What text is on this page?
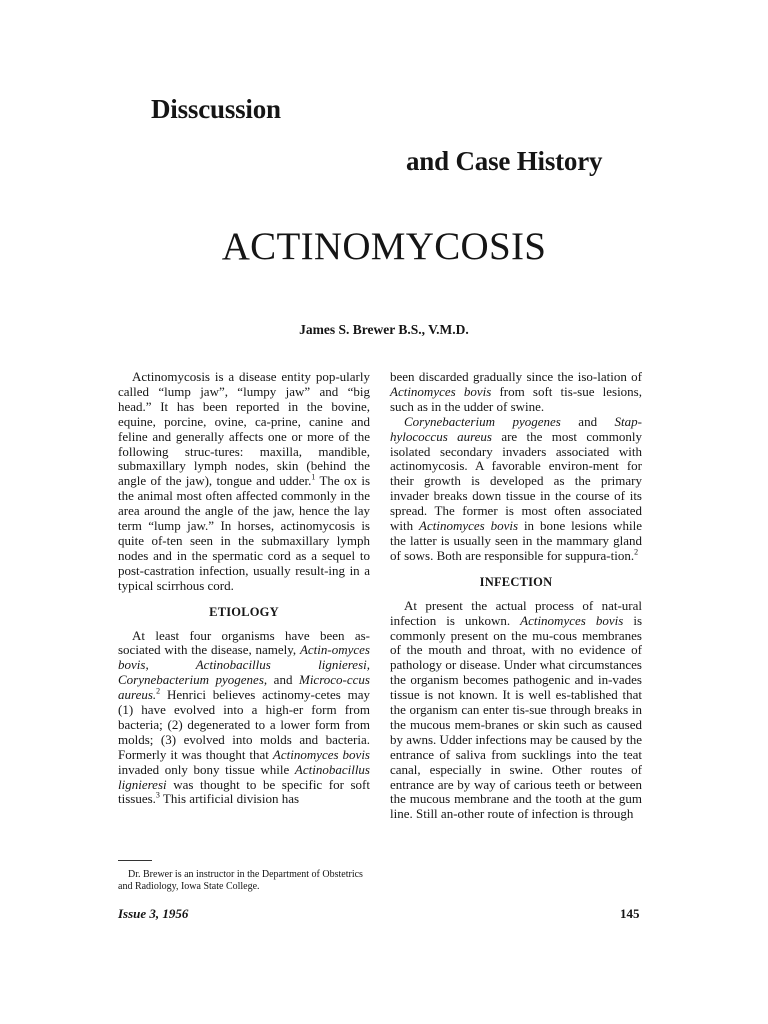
Disscussion
and Case History
ACTINOMYCOSIS
James S. Brewer B.S., V.M.D.

Actinomycosis is a disease entity pop-ularly called “lump jaw”, “lumpy jaw” and “big head.” It has been reported in the bovine, equine, porcine, ovine, ca-prine, canine and feline and generally affects one or more of the following struc-tures: maxilla, mandible, submaxillary lymph nodes, skin (behind the angle of the jaw), tongue and udder.$^1$ The ox is the animal most often affected commonly in the area around the angle of the jaw, hence the lay term “lump jaw.” In horses, actinomycosis is quite of-ten seen in the submaxillary lymph nodes and in the spermatic cord as a sequel to post-castration infection, usually result-ing in a typical scirrhous cord.

ETIOLOGY

At least four organisms have been as-sociated with the disease, namely, Actin-omyces bovis, Actinobacillus lignieresi, Corynebacterium pyogenes, and Microco-ccus aureus.$^2$ Henrici believes actinomy-cetes may (1) have evolved into a high-er form from bacteria; (2) degenerated to a lower form from molds; (3) evolved into molds and bacteria. Formerly it was thought that Actinomyces bovis invaded only bony tissue while Actinobacillus lignieresi was thought to be specific for soft tissues.$^3$ This artificial division has

been discarded gradually since the iso-lation of Actinomyces bovis from soft tis-sue lesions, such as in the udder of swine.

Corynebacterium pyogenes and Stap-hylococcus aureus are the most commonly isolated secondary invaders associated with actinomycosis. A favorable environ-ment for their growth is developed as the primary invader breaks down tissue in the course of its spread. The former is most often associated with Actinomyces bovis in bone lesions while the latter is usually seen in the mammary gland of sows. Both are responsible for suppura-tion.$^2$

INFECTION

At present the actual process of nat-ural infection is unkown. Actinomyces bovis is commonly present on the mu-cous membranes of the mouth and throat, with no evidence of pathology or disease. Under what circumstances the organism becomes pathogenic and in-vades tissue is not known. It is well es-tablished that the organism can enter tis-sue through breaks in the mucous mem-branes or skin such as caused by awns. Udder infections may be caused by the entrance of saliva from sucklings into the teat canal, especially in swine. Other routes of entrance are by way of carious teeth or between the mucous membrane and the tooth at the gum line. Still an-other route of infection is through

Dr. Brewer is an instructor in the Department of Obstetrics and Radiology, Iowa State College.
Issue 3, 1956	145
